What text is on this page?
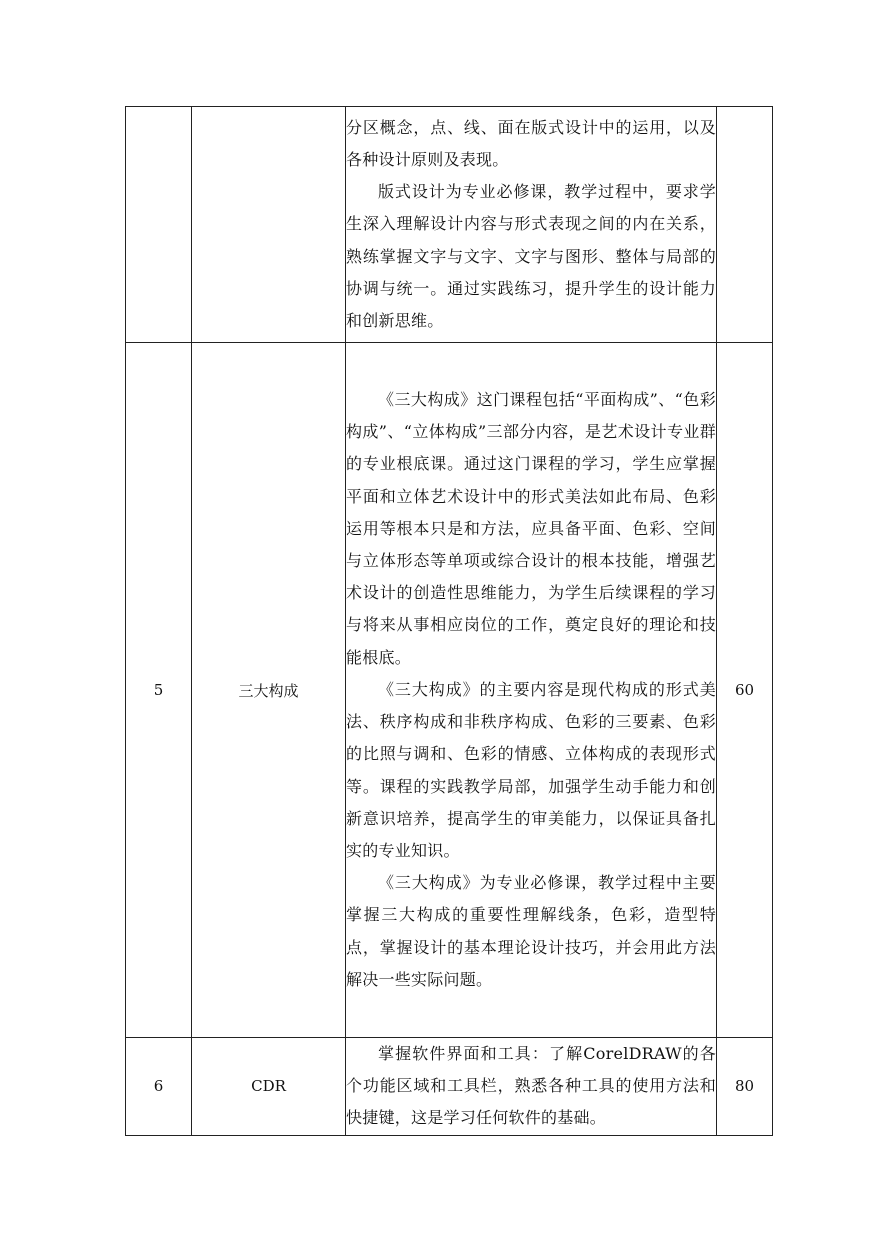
		分区概念，点、线、面在版式设计中的运用，以及各种设计原则及表现。

版式设计为专业必修课，教学过程中，要求学生深入理解设计内容与形式表现之间的内在关系，熟练掌握文字与文字、文字与图形、整体与局部的协调与统一。通过实践练习，提升学生的设计能力和创新思维。	

5	三大构成	《三大构成》这门课程包括“平面构成”、“色彩构成”、“立体构成”三部分内容，是艺术设计专业群的专业根底课。通过这门课程的学习，学生应掌握平面和立体艺术设计中的形式美法如此布局、色彩运用等根本只是和方法，应具备平面、色彩、空间与立体形态等单项或综合设计的根本技能，增强艺术设计的创造性思维能力，为学生后续课程的学习与将来从事相应岗位的工作，奠定良好的理论和技能根底。

《三大构成》的主要内容是现代构成的形式美法、秩序构成和非秩序构成、色彩的三要素、色彩的比照与调和、色彩的情感、立体构成的表现形式等。课程的实践教学局部，加强学生动手能力和创新意识培养，提高学生的审美能力，以保证具备扎实的专业知识。

《三大构成》为专业必修课，教学过程中主要掌握三大构成的重要性理解线条，色彩，造型特点，掌握设计的基本理论设计技巧，并会用此方法解决一些实际问题。	60
6	CDR	掌握软件界面和工具：了解CorelDRAW的各个功能区域和工具栏，熟悉各种工具的使用方法和快捷键，这是学习任何软件的基础。	80
